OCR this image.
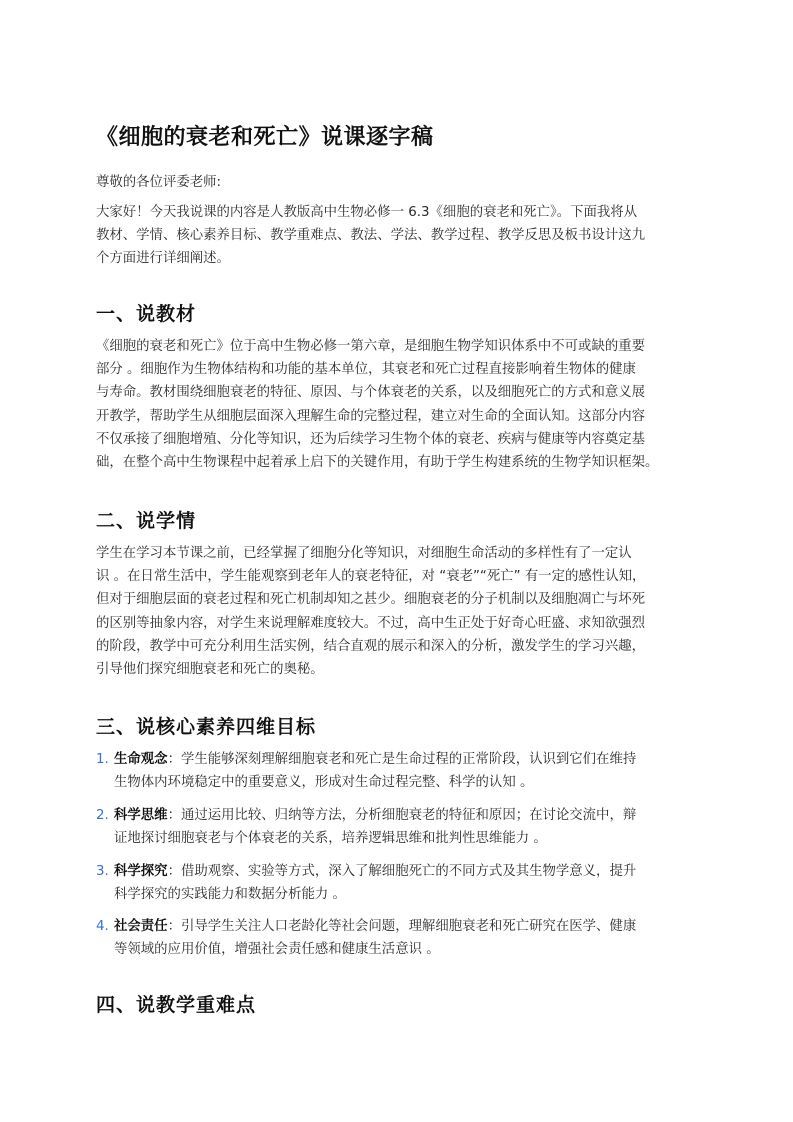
《细胞的衰老和死亡》说课逐字稿

尊敬的各位评委老师:

大家好！今天我说课的内容是人教版高中生物必修一 6.3《细胞的衰老和死亡》。下面我将从
教材、学情、核心素养目标、教学重难点、教法、学法、教学过程、教学反思及板书设计这九
个方面进行详细阐述。

一、说教材

《细胞的衰老和死亡》位于高中生物必修一第六章，是细胞生物学知识体系中不可或缺的重要
部分 。细胞作为生物体结构和功能的基本单位，其衰老和死亡过程直接影响着生物体的健康
与寿命。教材围绕细胞衰老的特征、原因、与个体衰老的关系，以及细胞死亡的方式和意义展
开教学，帮助学生从细胞层面深入理解生命的完整过程，建立对生命的全面认知。这部分内容
不仅承接了细胞增殖、分化等知识，还为后续学习生物个体的衰老、疾病与健康等内容奠定基
础，在整个高中生物课程中起着承上启下的关键作用，有助于学生构建系统的生物学知识框架。

二、说学情

学生在学习本节课之前，已经掌握了细胞分化等知识，对细胞生命活动的多样性有了一定认
识 。在日常生活中，学生能观察到老年人的衰老特征，对 “衰老”“死亡” 有一定的感性认知，
但对于细胞层面的衰老过程和死亡机制却知之甚少。细胞衰老的分子机制以及细胞凋亡与坏死
的区别等抽象内容，对学生来说理解难度较大。不过，高中生正处于好奇心旺盛、求知欲强烈
的阶段，教学中可充分利用生活实例，结合直观的展示和深入的分析，激发学生的学习兴趣，
引导他们探究细胞衰老和死亡的奥秘。

三、说核心素养四维目标
1. 生命观念：学生能够深刻理解细胞衰老和死亡是生命过程的正常阶段，认识到它们在维持
生物体内环境稳定中的重要意义，形成对生命过程完整、科学的认知 。
2. 科学思维：通过运用比较、归纳等方法，分析细胞衰老的特征和原因；在讨论交流中，辩
证地探讨细胞衰老与个体衰老的关系，培养逻辑思维和批判性思维能力 。
3. 科学探究：借助观察、实验等方式，深入了解细胞死亡的不同方式及其生物学意义，提升
科学探究的实践能力和数据分析能力 。
4. 社会责任：引导学生关注人口老龄化等社会问题，理解细胞衰老和死亡研究在医学、健康
等领域的应用价值，增强社会责任感和健康生活意识 。
四、说教学重难点
